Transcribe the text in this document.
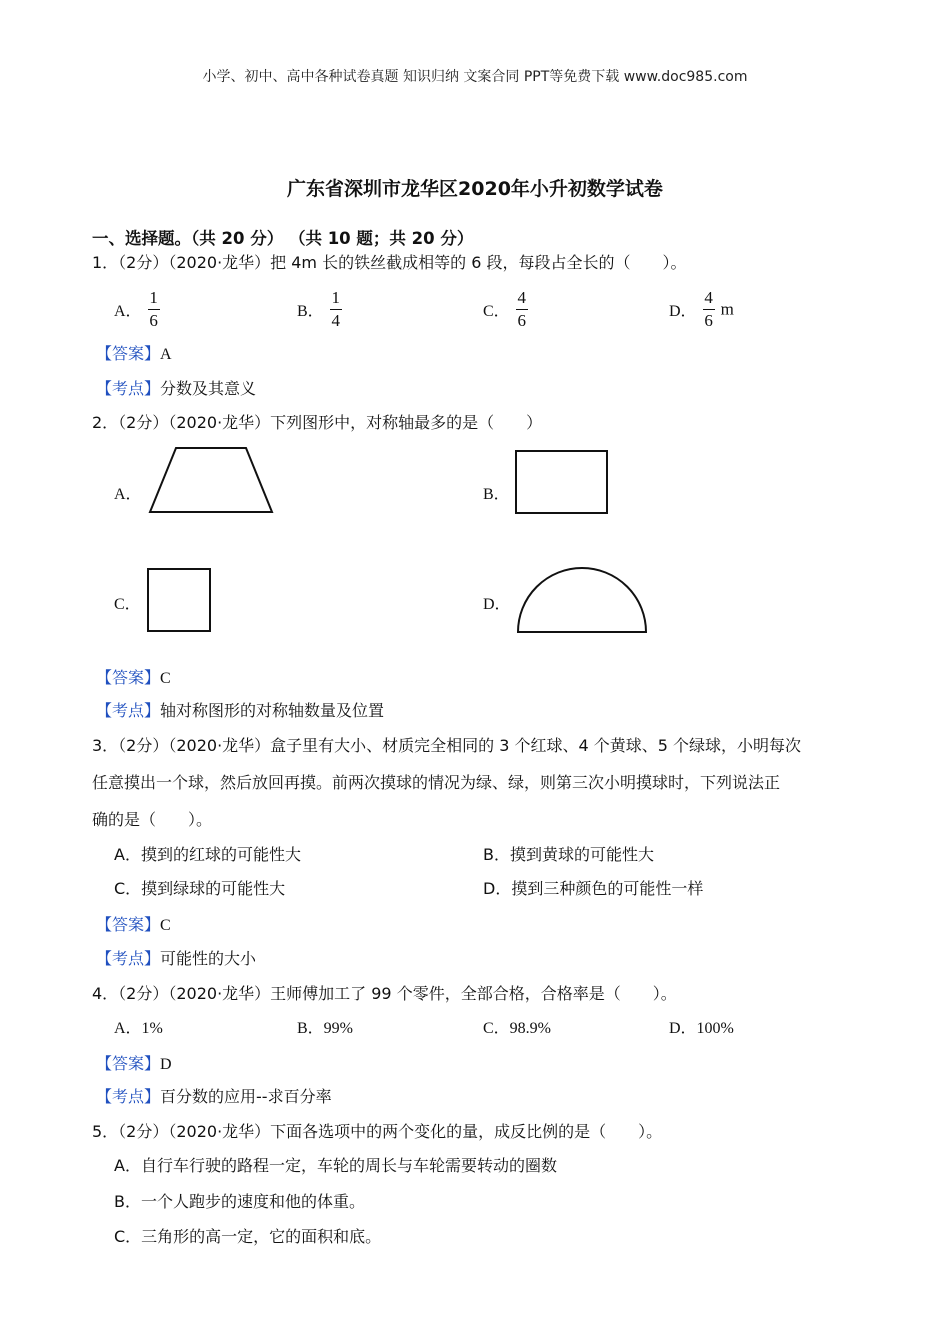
小学、初中、高中各种试卷真题 知识归纳 文案合同 PPT等免费下载 www.doc985.com
广东省深圳市龙华区2020年小升初数学试卷
一、选择题。（共 20 分） （共 10 题；共 20 分）
1．（2分）（2020·龙华）把 4m 长的铁丝截成相等的 6 段，每段占全长的（　　）。
A． $\frac{1}{6}$	B． $\frac{1}{4}$	C． $\frac{4}{6}$	D． $\frac{4}{6}$ m
【答案】A
【考点】分数及其意义
2．（2分）（2020·龙华）下列图形中，对称轴最多的是（　　）
A．	B．
C．	D．
【答案】C
【考点】轴对称图形的对称轴数量及位置
3．（2分）（2020·龙华）盒子里有大小、材质完全相同的 3 个红球、4 个黄球、5 个绿球，小明每次
任意摸出一个球，然后放回再摸。前两次摸球的情况为绿、绿，则第三次小明摸球时，下列说法正
确的是（　　）。
A．摸到的红球的可能性大	B．摸到黄球的可能性大
C．摸到绿球的可能性大	D．摸到三种颜色的可能性一样
【答案】C
【考点】可能性的大小
4．（2分）（2020·龙华）王师傅加工了 99 个零件，全部合格，合格率是（　　）。
A．1%	B．99%	C．98.9%	D．100%
【答案】D
【考点】百分数的应用--求百分率
5．（2分）（2020·龙华）下面各选项中的两个变化的量，成反比例的是（　　）。
A．自行车行驶的路程一定，车轮的周长与车轮需要转动的圈数
B．一个人跑步的速度和他的体重。
C．三角形的高一定，它的面积和底。
